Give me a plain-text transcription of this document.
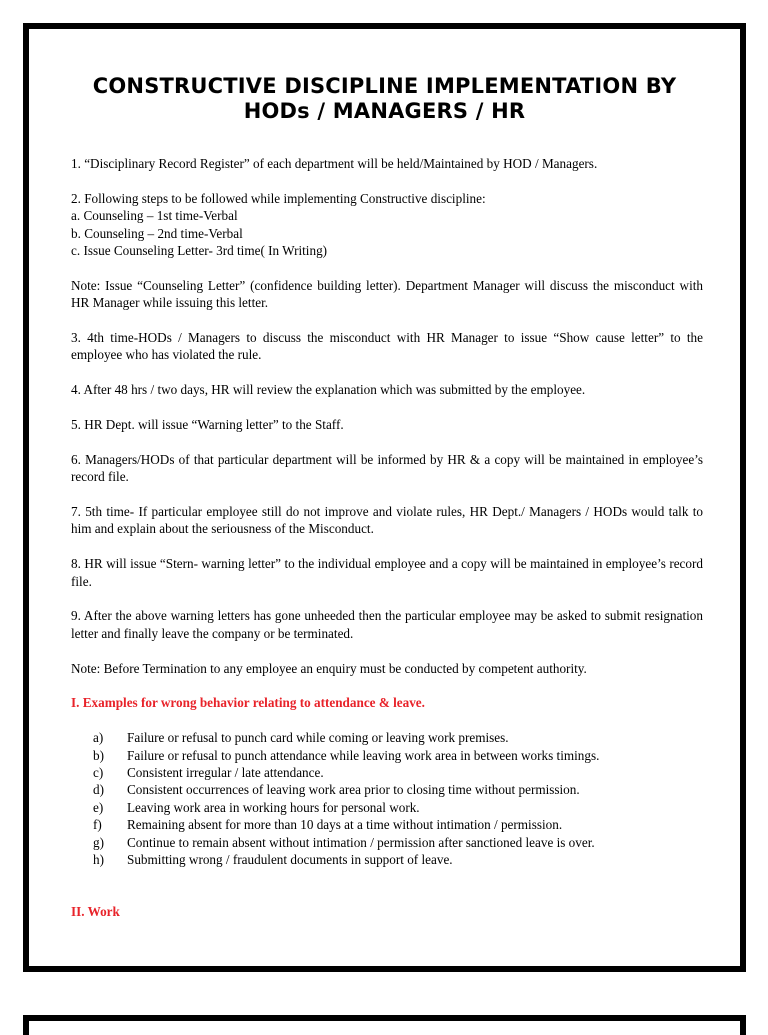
CONSTRUCTIVE DISCIPLINE IMPLEMENTATION BY
HODs / MANAGERS / HR

1. “Disciplinary Record Register” of each department will be held/Maintained by HOD / Managers.

2. Following steps to be followed while implementing Constructive discipline:

a. Counseling – 1st time-Verbal

b. Counseling – 2nd time-Verbal

c. Issue Counseling Letter- 3rd time( In Writing)

Note: Issue “Counseling Letter” (confidence building letter). Department Manager will discuss the misconduct with HR Manager while issuing this letter.

3. 4th time-HODs / Managers to discuss the misconduct with HR Manager to issue “Show cause letter” to the employee who has violated the rule.

4. After 48 hrs / two days, HR will review the explanation which was submitted by the employee.

5. HR Dept. will issue “Warning letter” to the Staff.

6. Managers/HODs of that particular department will be informed by HR & a copy will be maintained in employee’s record file.

7. 5th time- If particular employee still do not improve and violate rules, HR Dept./ Managers / HODs would talk to him and explain about the seriousness of the Misconduct.

8. HR will issue “Stern- warning letter” to the individual employee and a copy will be maintained in employee’s record file.

9. After the above warning letters has gone unheeded then the particular employee may be asked to submit resignation letter and finally leave the company or be terminated.

Note: Before Termination to any employee an enquiry must be conducted by competent authority.

I. Examples for wrong behavior relating to attendance & leave.

a) Failure or refusal to punch card while coming or leaving work premises.
b) Failure or refusal to punch attendance while leaving work area in between works timings.
c) Consistent irregular / late attendance.
d) Consistent occurrences of leaving work area prior to closing time without permission.
e) Leaving work area in working hours for personal work.
f) Remaining absent for more than 10 days at a time without intimation / permission.
g) Continue to remain absent without intimation / permission after sanctioned leave is over.
h) Submitting wrong / fraudulent documents in support of leave.

II. Work
